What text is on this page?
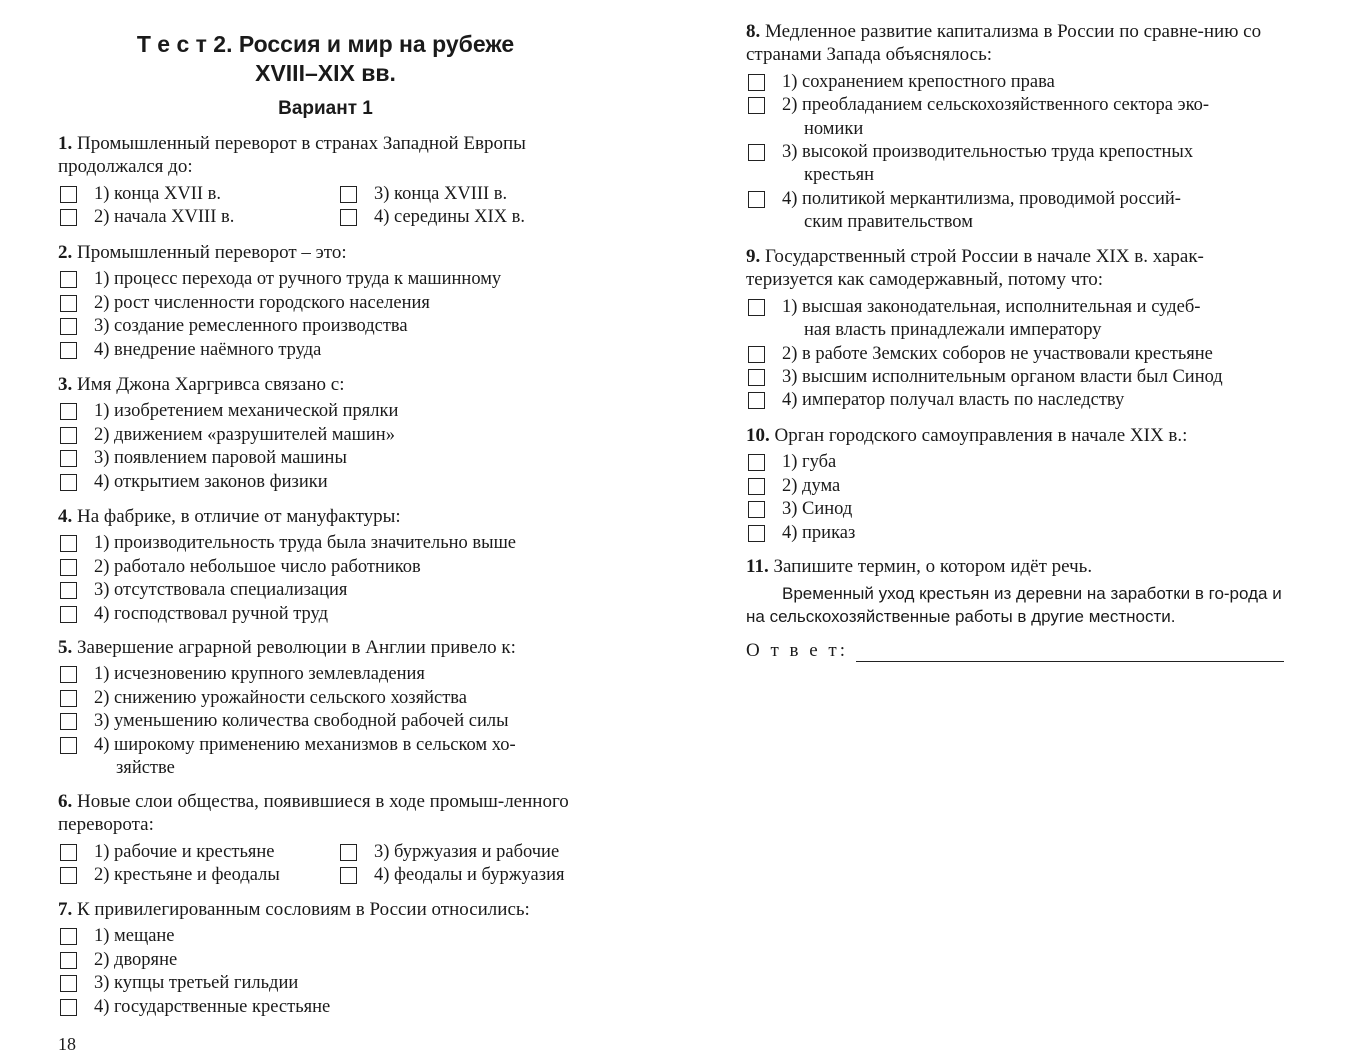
Т е с т 2. Россия и мир на рубеже
XVIII–XIX вв.
Вариант 1

1. Промышленный переворот в странах Западной Европы продолжался до:

1) конца XVII в.	3) конца XVIII в.
2) начала XVIII в.	4) середины XIX в.

2. Промышленный переворот – это:

1) процесс перехода от ручного труда к машинному
2) рост численности городского населения
3) создание ремесленного производства
4) внедрение наёмного труда

3. Имя Джона Харгривса связано с:

1) изобретением механической прялки
2) движением «разрушителей машин»
3) появлением паровой машины
4) открытием законов физики

4. На фабрике, в отличие от мануфактуры:

1) производительность труда была значительно выше
2) работало небольшое число работников
3) отсутствовала специализация
4) господствовал ручной труд

5. Завершение аграрной революции в Англии привело к:

1) исчезновению крупного землевладения
2) снижению урожайности сельского хозяйства
3) уменьшению количества свободной рабочей силы
4) широкому применению механизмов в сельском хо-
зяйстве

6. Новые слои общества, появившиеся в ходе промыш-ленного переворота:

1) рабочие и крестьяне	3) буржуазия и рабочие
2) крестьяне и феодалы	4) феодалы и буржуазия

7. К привилегированным сословиям в России относились:

1) мещане
2) дворяне
3) купцы третьей гильдии
4) государственные крестьяне

8. Медленное развитие капитализма в России по сравне-нию со странами Запада объяснялось:

1) сохранением крепостного права
2) преобладанием сельскохозяйственного сектора эко-
номики
3) высокой производительностью труда крепостных
крестьян
4) политикой меркантилизма, проводимой россий-
ским правительством

9. Государственный строй России в начале XIX в. харак-теризуется как самодержавный, потому что:

1) высшая законодательная, исполнительная и судеб-
ная власть принадлежали императору
2) в работе Земских соборов не участвовали крестьяне
3) высшим исполнительным органом власти был Синод
4) император получал власть по наследству

10. Орган городского самоуправления в начале XIX в.:

1) губа
2) дума
3) Синод
4) приказ

11. Запишите термин, о котором идёт речь.

Временный уход крестьян из деревни на заработки в го-рода и на сельскохозяйственные работы в другие местности.

О т в е т:
18
